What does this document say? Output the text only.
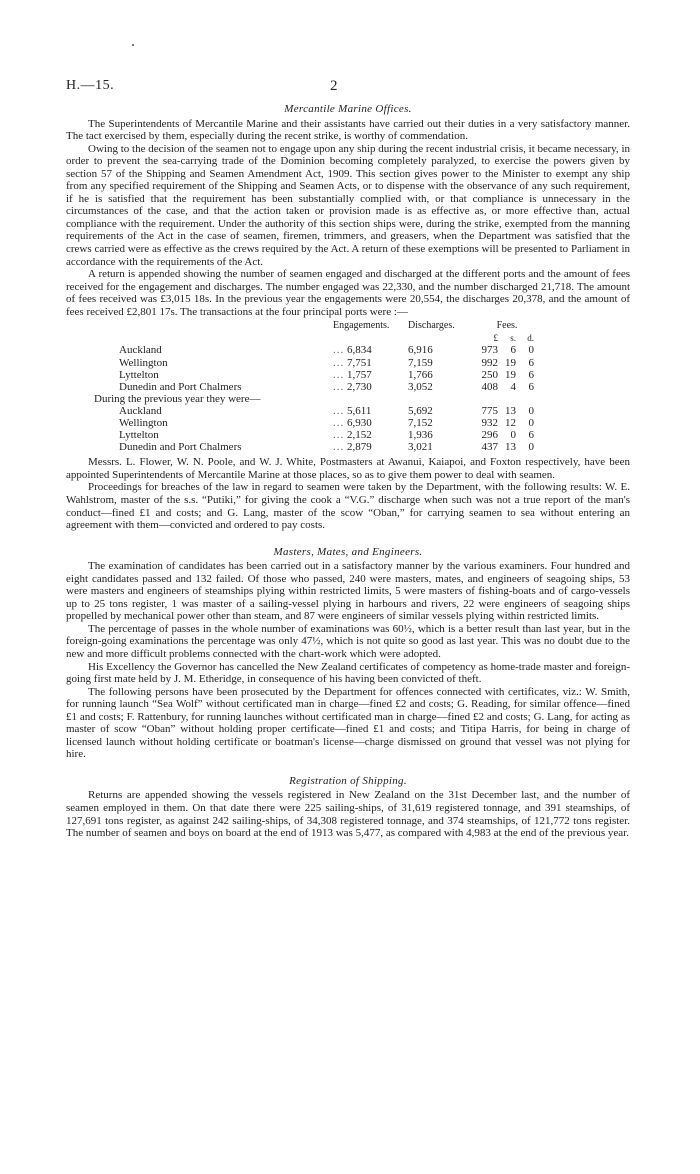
H.—15.	2
Mercantile Marine Offices.

The Superintendents of Mercantile Marine and their assistants have carried out their duties in a very satisfactory manner. The tact exercised by them, especially during the recent strike, is worthy of commendation.

Owing to the decision of the seamen not to engage upon any ship during the recent industrial crisis, it became necessary, in order to prevent the sea-carrying trade of the Dominion becoming completely paralyzed, to exercise the powers given by section 57 of the Shipping and Seamen Amendment Act, 1909. This section gives power to the Minister to exempt any ship from any specified requirement of the Shipping and Seamen Acts, or to dispense with the observance of any such requirement, if he is satisfied that the requirement has been substantially complied with, or that compliance is unnecessary in the circumstances of the case, and that the action taken or provision made is as effective as, or more effective than, actual compliance with the requirement. Under the authority of this section ships were, during the strike, exempted from the manning requirements of the Act in the case of seamen, firemen, trimmers, and greasers, when the Department was satisfied that the crews carried were as effective as the crews required by the Act. A return of these exemptions will be presented to Parliament in accordance with the requirements of the Act.

A return is appended showing the number of seamen engaged and discharged at the different ports and the amount of fees received for the engagement and discharges. The number engaged was 22,330, and the number discharged 21,718. The amount of fees received was £3,015 18s. In the previous year the engagements were 20,554, the discharges 20,378, and the amount of fees received £2,801 17s. The transactions at the four principal ports were :—

	Engagements.	Discharges.	Fees.		
			£	s.	d.
Auckland	... 6,834	6,916	973	6	0
Wellington	... 7,751	7,159	992	19	6
Lyttelton	... 1,757	1,766	250	19	6
Dunedin and Port Chalmers	... 2,730	3,052	408	4	6
During the previous year they were—					
Auckland	... 5,611	5,692	775	13	0
Wellington	... 6,930	7,152	932	12	0
Lyttelton	... 2,152	1,936	296	0	6
Dunedin and Port Chalmers	... 2,879	3,021	437	13	0

Messrs. L. Flower, W. N. Poole, and W. J. White, Postmasters at Awanui, Kaiapoi, and Foxton respectively, have been appointed Superintendents of Mercantile Marine at those places, so as to give them power to deal with seamen.

Proceedings for breaches of the law in regard to seamen were taken by the Department, with the following results: W. E. Wahlstrom, master of the s.s. “Putiki,” for giving the cook a “V.G.” discharge when such was not a true report of the man's conduct—fined £1 and costs; and G. Lang, master of the scow “Oban,” for carrying seamen to sea without entering an agreement with them—convicted and ordered to pay costs.

Masters, Mates, and Engineers.

The examination of candidates has been carried out in a satisfactory manner by the various examiners. Four hundred and eight candidates passed and 132 failed. Of those who passed, 240 were masters, mates, and engineers of seagoing ships, 53 were masters and engineers of steamships plying within restricted limits, 5 were masters of fishing-boats and of cargo-vessels up to 25 tons register, 1 was master of a sailing-vessel plying in harbours and rivers, 22 were engineers of seagoing ships propelled by mechanical power other than steam, and 87 were engineers of similar vessels plying within restricted limits.

The percentage of passes in the whole number of examinations was 60½, which is a better result than last year, but in the foreign-going examinations the percentage was only 47½, which is not quite so good as last year. This was no doubt due to the new and more difficult problems connected with the chart-work which were adopted.

His Excellency the Governor has cancelled the New Zealand certificates of competency as home-trade master and foreign-going first mate held by J. M. Etheridge, in consequence of his having been convicted of theft.

The following persons have been prosecuted by the Department for offences connected with certificates, viz.: W. Smith, for running launch “Sea Wolf” without certificated man in charge—fined £2 and costs; G. Reading, for similar offence—fined £1 and costs; F. Rattenbury, for running launches without certificated man in charge—fined £2 and costs; G. Lang, for acting as master of scow “Oban” without holding proper certificate—fined £1 and costs; and Titipa Harris, for being in charge of licensed launch without holding certificate or boatman's license—charge dismissed on ground that vessel was not plying for hire.

Registration of Shipping.

Returns are appended showing the vessels registered in New Zealand on the 31st December last, and the number of seamen employed in them. On that date there were 225 sailing-ships, of 31,619 registered tonnage, and 391 steamships, of 127,691 tons register, as against 242 sailing-ships, of 34,308 registered tonnage, and 374 steamships, of 121,772 tons register. The number of seamen and boys on board at the end of 1913 was 5,477, as compared with 4,983 at the end of the previous year.
